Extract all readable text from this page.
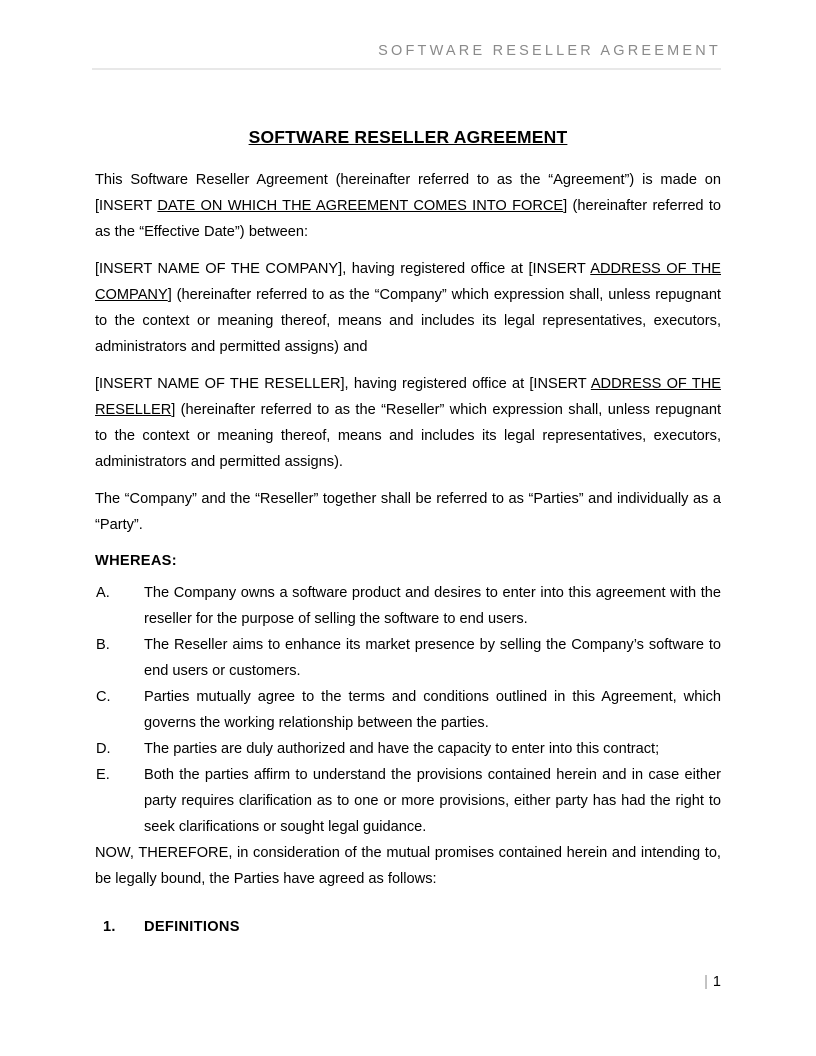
SOFTWARE RESELLER AGREEMENT
SOFTWARE RESELLER AGREEMENT

This Software Reseller Agreement (hereinafter referred to as the “Agreement”) is made on [INSERT DATE ON WHICH THE AGREEMENT COMES INTO FORCE] (hereinafter referred to as the “Effective Date”) between:

[INSERT NAME OF THE COMPANY], having registered office at [INSERT ADDRESS OF THE COMPANY] (hereinafter referred to as the “Company” which expression shall, unless repugnant to the context or meaning thereof, means and includes its legal representatives, executors, administrators and permitted assigns) and

[INSERT NAME OF THE RESELLER], having registered office at [INSERT ADDRESS OF THE RESELLER] (hereinafter referred to as the “Reseller” which expression shall, unless repugnant to the context or meaning thereof, means and includes its legal representatives, executors, administrators and permitted assigns).

The “Company” and the “Reseller” together shall be referred to as “Parties” and individually as a “Party”.

WHEREAS:
A.	The Company owns a software product and desires to enter into this agreement with the reseller for the purpose of selling the software to end users.
B.	The Reseller aims to enhance its market presence by selling the Company’s software to end users or customers.
C.	Parties mutually agree to the terms and conditions outlined in this Agreement, which governs the working relationship between the parties.
D.	The parties are duly authorized and have the capacity to enter into this contract;
E.	Both the parties affirm to understand the provisions contained herein and in case either party requires clarification as to one or more provisions, either party has had the right to seek clarifications or sought legal guidance.

NOW, THEREFORE, in consideration of the mutual promises contained herein and intending to, be legally bound, the Parties have agreed as follows:

1. DEFINITIONS
| 1
